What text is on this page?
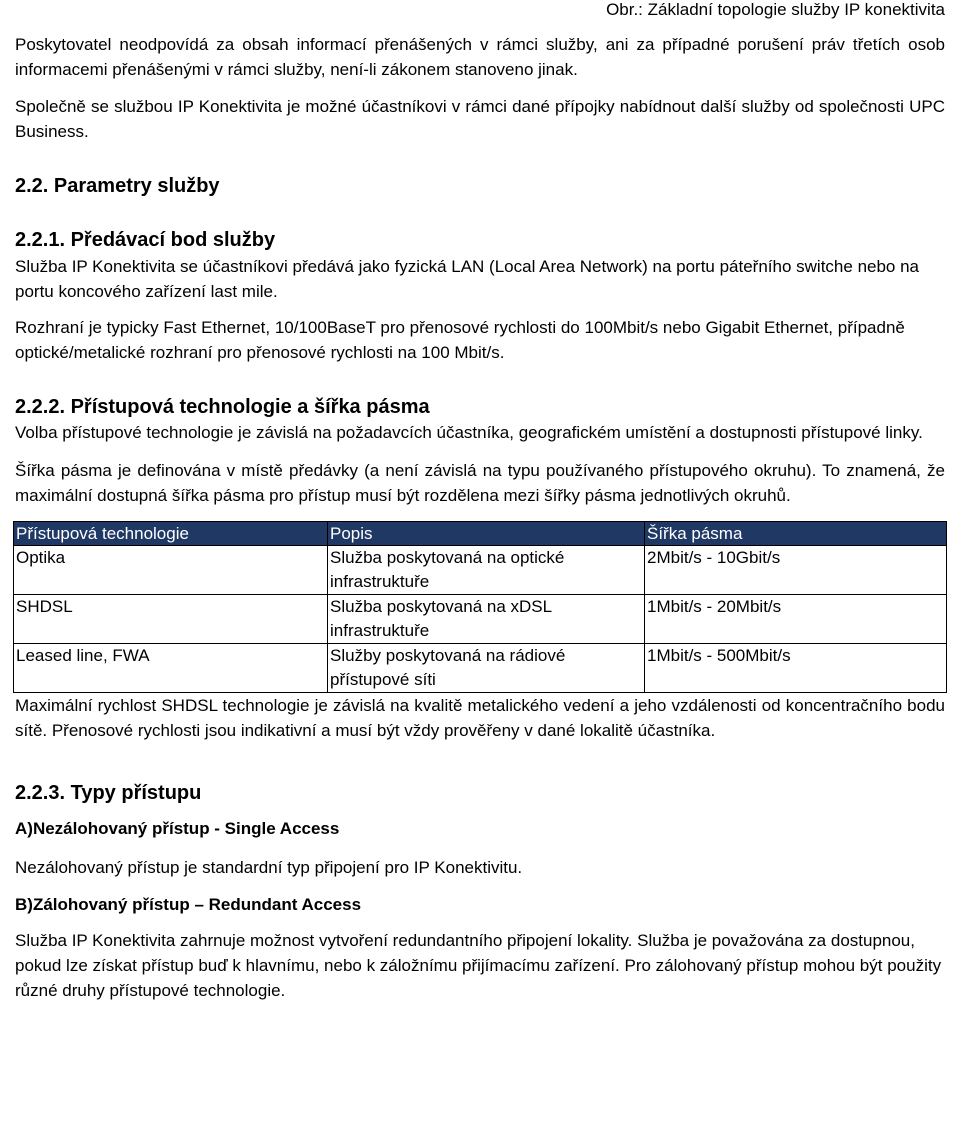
Obr.: Základní topologie služby IP konektivita

Poskytovatel neodpovídá za obsah informací přenášených v rámci služby, ani za případné porušení práv třetích osob informacemi přenášenými v rámci služby, není-li zákonem stanoveno jinak.

Společně se službou IP Konektivita je možné účastníkovi v rámci dané přípojky nabídnout další služby od společnosti UPC Business.

2.2. Parametry služby

2.2.1. Předávací bod služby

Služba IP Konektivita se účastníkovi předává jako fyzická LAN (Local Area Network) na portu páteřního switche nebo na portu koncového zařízení last mile.

Rozhraní je typicky Fast Ethernet, 10/100BaseT pro přenosové rychlosti do 100Mbit/s nebo Gigabit Ethernet, případně optické/metalické rozhraní pro přenosové rychlosti na 100 Mbit/s.

2.2.2. Přístupová technologie a šířka pásma

Volba přístupové technologie je závislá na požadavcích účastníka, geografickém umístění a dostupnosti přístupové linky.

Šířka pásma je definována v místě předávky (a není závislá na typu používaného přístupového okruhu). To znamená, že maximální dostupná šířka pásma pro přístup musí být rozdělena mezi šířky pásma jednotlivých okruhů.

Přístupová technologie	Popis	Šířka pásma
Optika	Služba poskytovaná na optické infrastruktuře	2Mbit/s - 10Gbit/s
SHDSL	Služba poskytovaná na xDSL infrastruktuře	1Mbit/s - 20Mbit/s
Leased line, FWA	Služby poskytovaná na rádiové přístupové síti	1Mbit/s - 500Mbit/s

Maximální rychlost SHDSL technologie je závislá na kvalitě metalického vedení a jeho vzdálenosti od koncentračního bodu sítě. Přenosové rychlosti jsou indikativní a musí být vždy prověřeny v dané lokalitě účastníka.

2.2.3. Typy přístupu

A)Nezálohovaný přístup - Single Access

Nezálohovaný přístup je standardní typ připojení pro IP Konektivitu.

B)Zálohovaný přístup – Redundant Access

Služba IP Konektivita zahrnuje možnost vytvoření redundantního připojení lokality. Služba je považována za dostupnou, pokud lze získat přístup buď k hlavnímu, nebo k záložnímu přijímacímu zařízení. Pro zálohovaný přístup mohou být použity různé druhy přístupové technologie.
